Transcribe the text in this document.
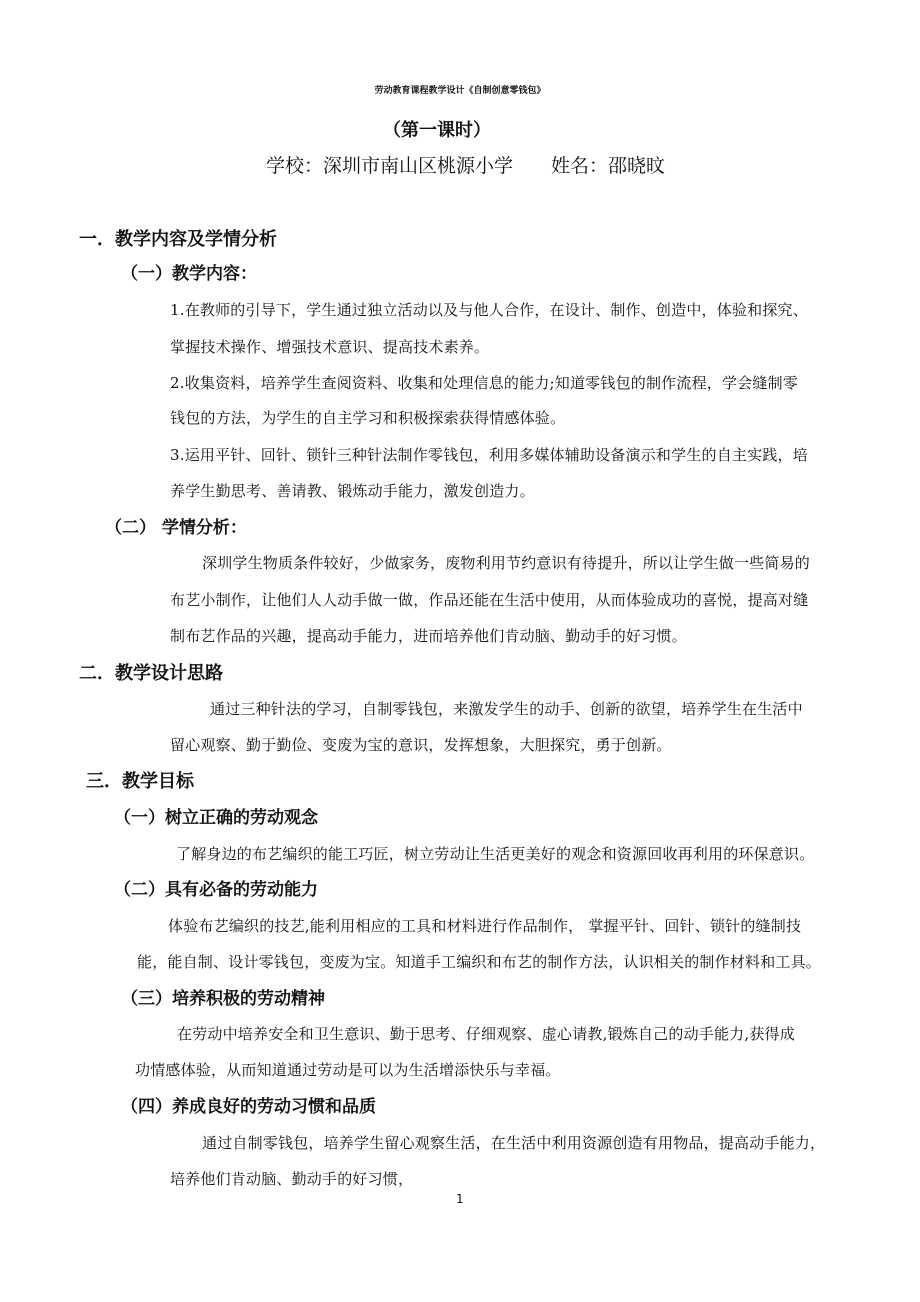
劳动教育课程教学设计《自制创意零钱包》
（第一课时）
学校：深圳市南山区桃源小学　　姓名：邵晓旼
一．教学内容及学情分析
（一）教学内容：
1.在教师的引导下，学生通过独立活动以及与他人合作，在设计、制作、创造中，体验和探究、
掌握技术操作、增强技术意识、提高技术素养。
2.收集资料，培养学生查阅资料、收集和处理信息的能力;知道零钱包的制作流程，学会缝制零
钱包的方法，为学生的自主学习和积极探索获得情感体验。
3.运用平针、回针、锁针三种针法制作零钱包，利用多媒体辅助设备演示和学生的自主实践，培
养学生勤思考、善请教、锻炼动手能力，激发创造力。
（二） 学情分析：
深圳学生物质条件较好，少做家务，废物利用节约意识有待提升，所以让学生做一些简易的
布艺小制作，让他们人人动手做一做，作品还能在生活中使用，从而体验成功的喜悦，提高对缝
制布艺作品的兴趣，提高动手能力，进而培养他们肯动脑、勤动手的好习惯。
二．教学设计思路
通过三种针法的学习，自制零钱包，来激发学生的动手、创新的欲望，培养学生在生活中
留心观察、勤于勤俭、变废为宝的意识，发挥想象，大胆探究，勇于创新。
三．教学目标
（一）树立正确的劳动观念
了解身边的布艺编织的能工巧匠，树立劳动让生活更美好的观念和资源回收再利用的环保意识。
（二）具有必备的劳动能力
体验布艺编织的技艺,能利用相应的工具和材料进行作品制作， 掌握平针、回针、锁针的缝制技
能，能自制、设计零钱包，变废为宝。知道手工编织和布艺的制作方法，认识相关的制作材料和工具。
（三）培养积极的劳动精神
在劳动中培养安全和卫生意识、勤于思考、仔细观察、虚心请教,锻炼自己的动手能力,获得成
功情感体验，从而知道通过劳动是可以为生活增添快乐与幸福。
（四）养成良好的劳动习惯和品质
通过自制零钱包，培养学生留心观察生活，在生活中利用资源创造有用物品，提高动手能力，
培养他们肯动脑、勤动手的好习惯，
1
